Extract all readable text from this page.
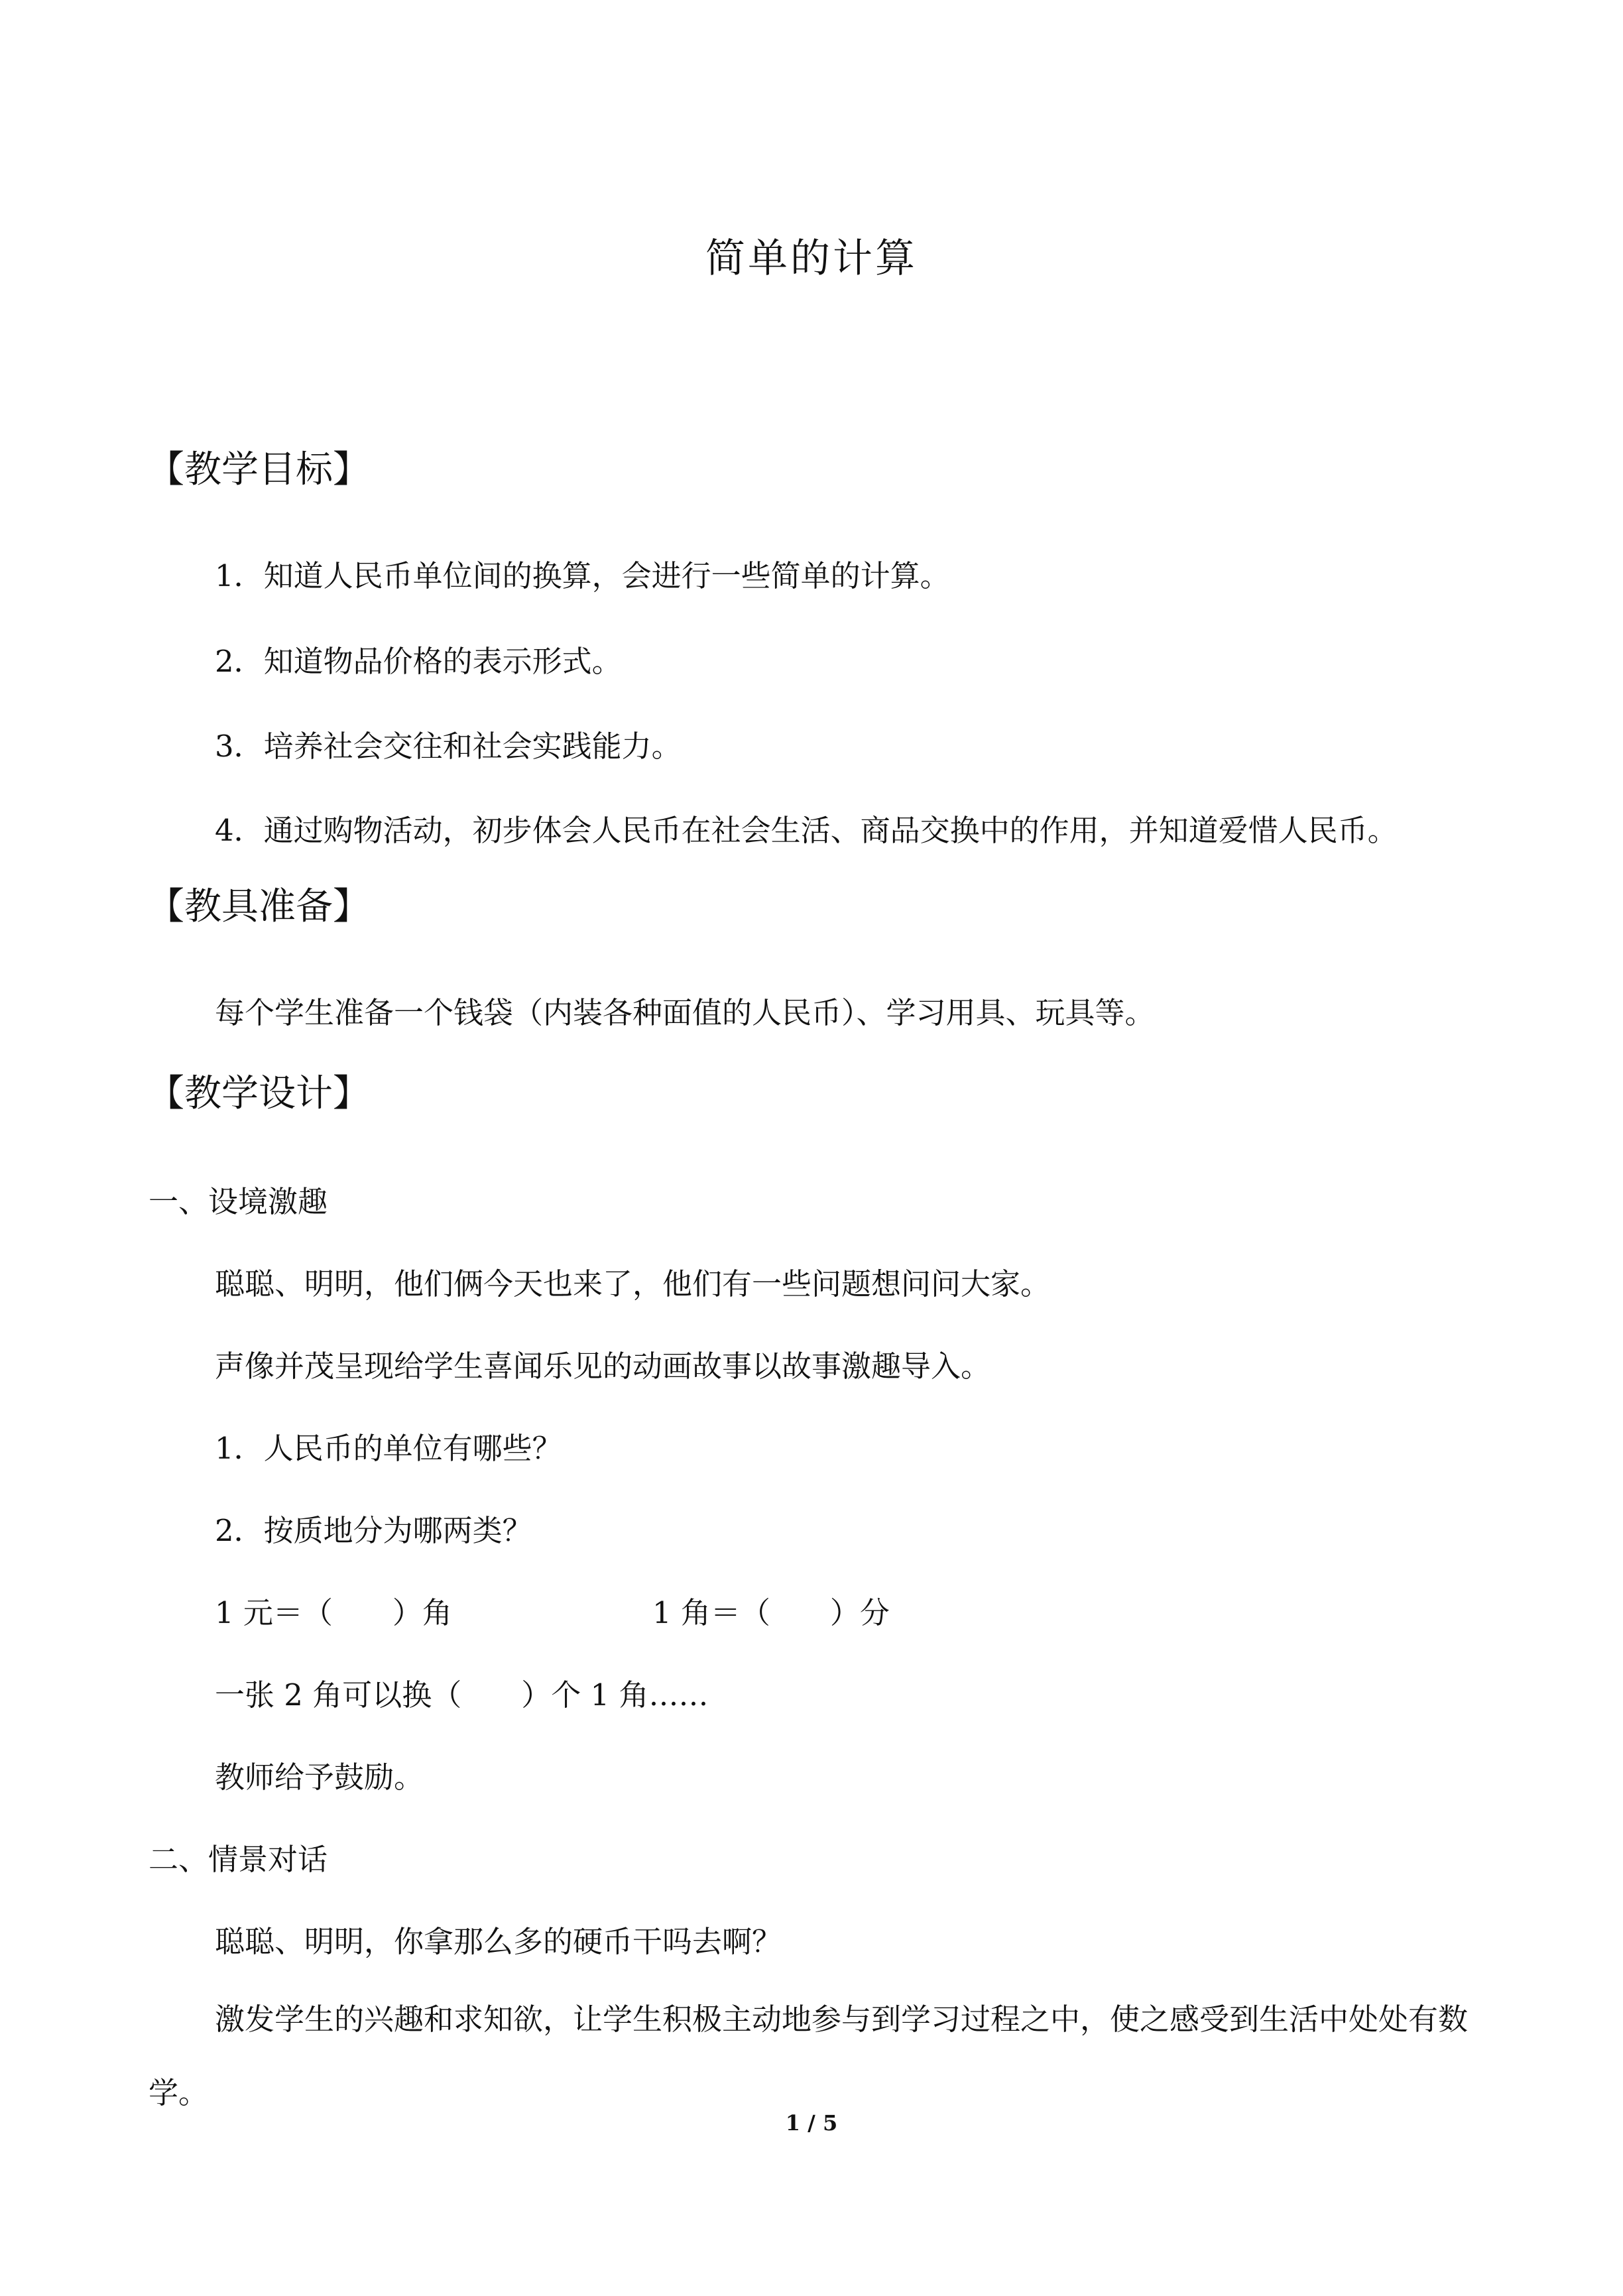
简单的计算
【教学目标】
1．知道人民币单位间的换算，会进行一些简单的计算。
2．知道物品价格的表示形式。
3．培养社会交往和社会实践能力。
4．通过购物活动，初步体会人民币在社会生活、商品交换中的作用，并知道爱惜人民币。
【教具准备】
每个学生准备一个钱袋（内装各种面值的人民币）、学习用具、玩具等。
【教学设计】
一、设境激趣
聪聪、明明，他们俩今天也来了，他们有一些问题想问问大家。
声像并茂呈现给学生喜闻乐见的动画故事以故事激趣导入。
1．人民币的单位有哪些？
2．按质地分为哪两类？
1 元＝（　　）角	1 角＝（　　）分
一张 2 角可以换（　　）个 1 角……
教师给予鼓励。
二、情景对话
聪聪、明明，你拿那么多的硬币干吗去啊？
激发学生的兴趣和求知欲，让学生积极主动地参与到学习过程之中，使之感受到生活中处处有数学。
1 / 5
